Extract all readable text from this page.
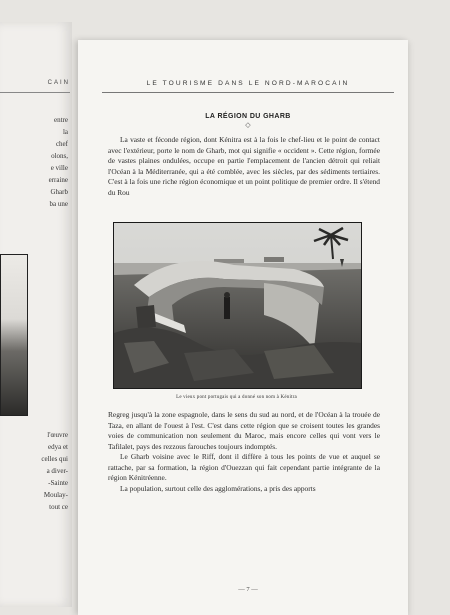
CAIN
entre
la
chef
olons,
e ville
erraine
Gharb
ba une
l'œuvre
edya et
celles qui
a diver-
-Sainte
Moulay-
tout ce
LE TOURISME DANS LE NORD-MAROCAIN
LA RÉGION DU GHARB
◇

La vaste et féconde région, dont Kénitra est à la fois le chef-lieu et le point de contact avec l'extérieur, porte le nom de Gharb, mot qui signifie « occident ». Cette région, formée de vastes plaines ondulées, occupe en partie l'emplacement de l'ancien détroit qui reliait l'Océan à la Méditerranée, qui a été comblée, avec les siècles, par des sédiments tertiaires. C'est à la fois une riche région économique et un point politique de premier ordre. Il s'étend du Rou

Le vieux pont portugais qui a donné son nom à Kénitra

Regreg jusqu'à la zone espagnole, dans le sens du sud au nord, et de l'Océan à la trouée de Taza, en allant de l'ouest à l'est. C'est dans cette région que se croisent toutes les grandes voies de communication non seulement du Maroc, mais encore celles qui vont vers le Tafilalet, pays des rezzous farouches toujours indomptés.

Le Gharb voisine avec le Riff, dont il diffère à tous les points de vue et auquel se rattache, par sa formation, la région d'Ouezzan qui fait cependant partie intégrante de la région Kénitréenne.

La population, surtout celle des agglomérations, a pris des apports

— 7 —
